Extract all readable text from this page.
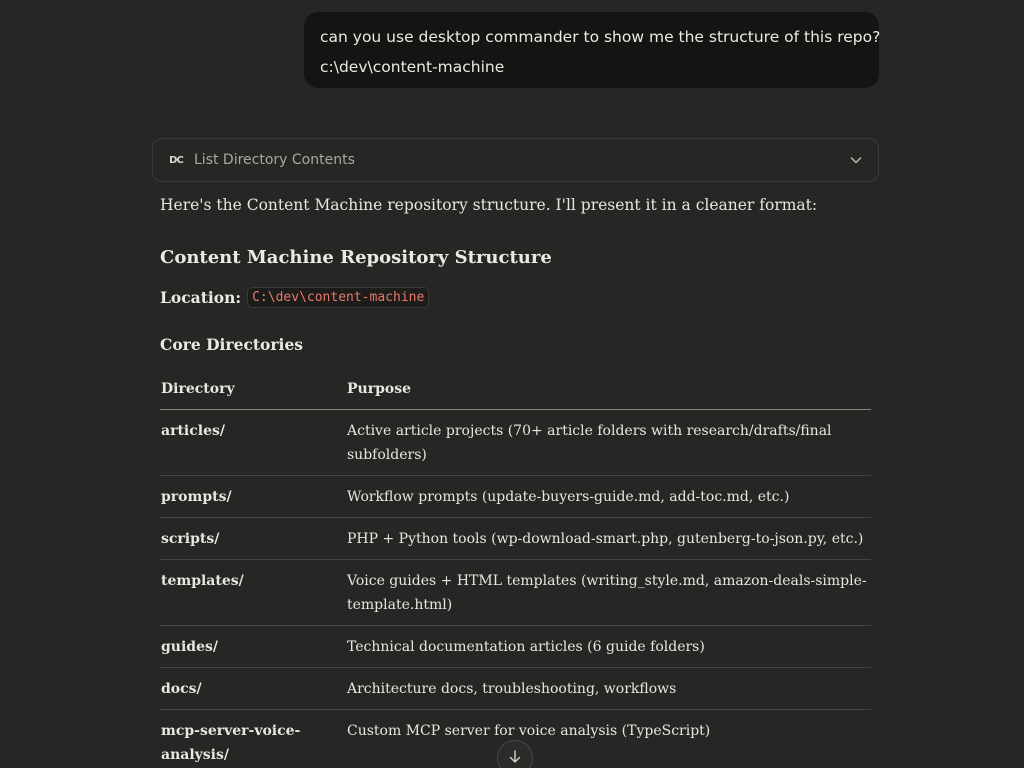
can you use desktop commander to show me the structure of this repo?
c:\dev\content-machine
DC List Directory Contents
Here's the Content Machine repository structure. I'll present it in a cleaner format:
Content Machine Repository Structure
Location: C:\dev\content-machine
Core Directories
Directory	Purpose
articles/	Active article projects (70+ article folders with research/drafts/final subfolders)
prompts/	Workflow prompts (update-buyers-guide.md, add-toc.md, etc.)
scripts/	PHP + Python tools (wp-download-smart.php, gutenberg-to-json.py, etc.)
templates/	Voice guides + HTML templates (writing_style.md, amazon-deals-simple-template.html)
guides/	Technical documentation articles (6 guide folders)
docs/	Architecture docs, troubleshooting, workflows
mcp-server-voice-analysis/	Custom MCP server for voice analysis (TypeScript)
